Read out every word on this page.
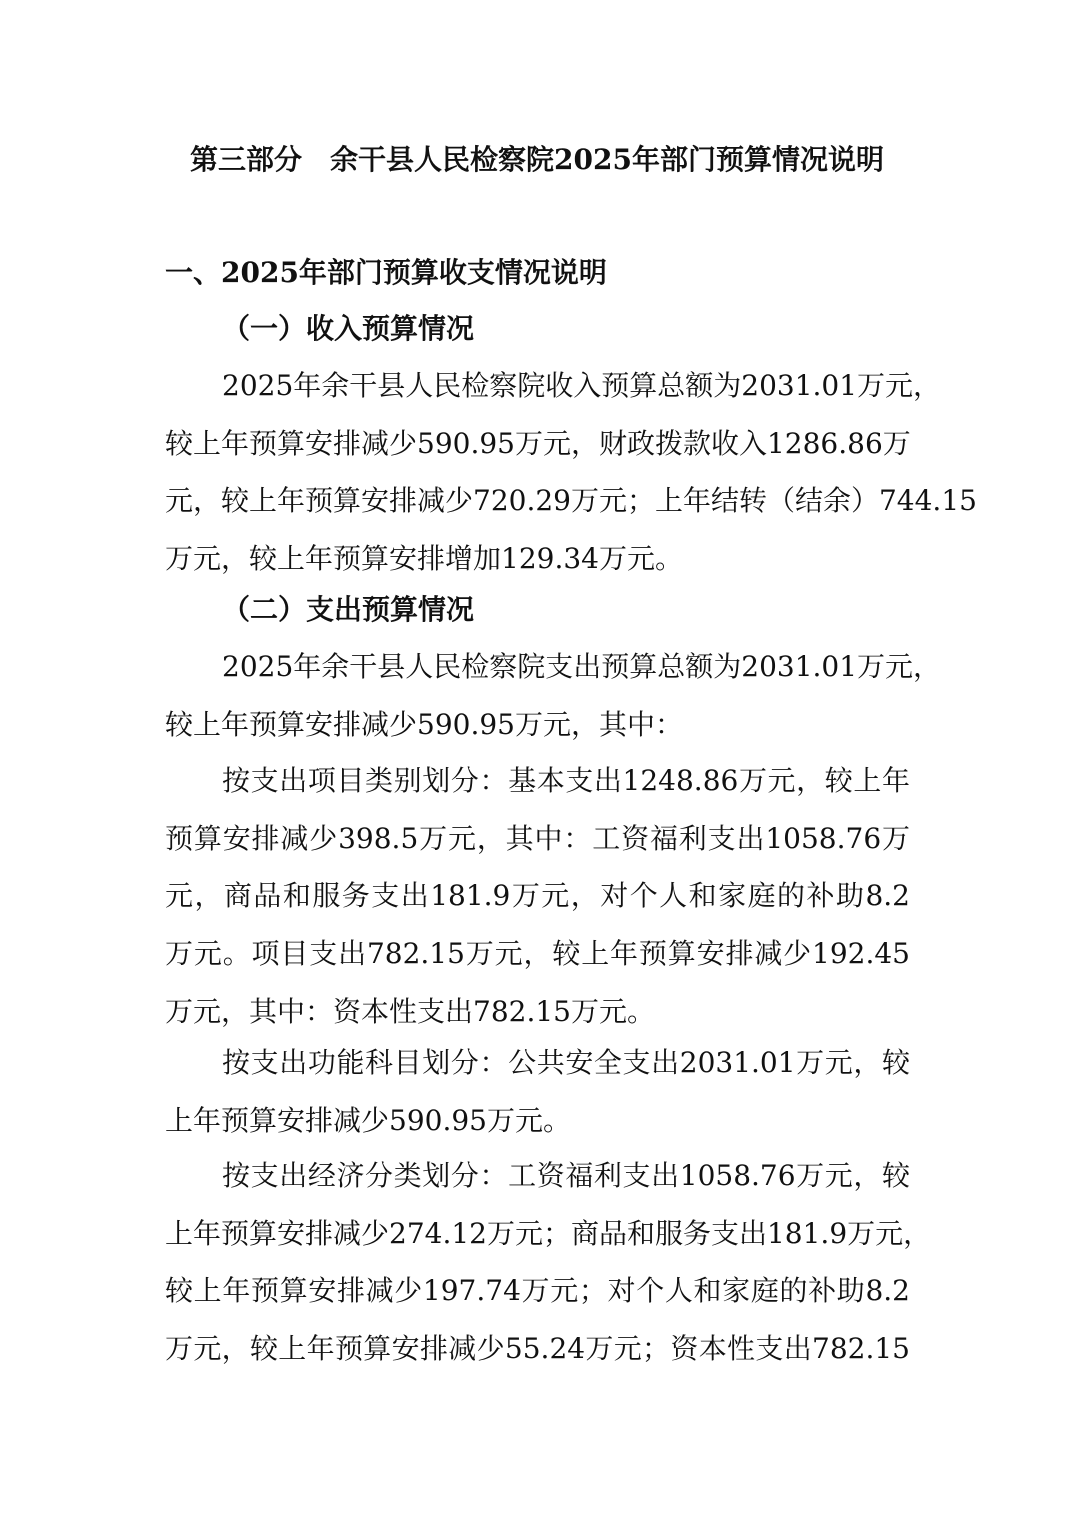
第三部分　余干县人民检察院2025年部门预算情况说明
一、2025年部门预算收支情况说明
（一）收入预算情况
2025年余干县人民检察院收入预算总额为2031.01万元，
较上年预算安排减少590.95万元，财政拨款收入1286.86万
元，较上年预算安排减少720.29万元；上年结转（结余）744.15
万元，较上年预算安排增加129.34万元。
（二）支出预算情况
2025年余干县人民检察院支出预算总额为2031.01万元，
较上年预算安排减少590.95万元，其中：
按支出项目类别划分：基本支出1248.86万元，较上年
预算安排减少398.5万元，其中：工资福利支出1058.76万
元，商品和服务支出181.9万元，对个人和家庭的补助8.2
万元。项目支出782.15万元，较上年预算安排减少192.45
万元，其中：资本性支出782.15万元。
按支出功能科目划分：公共安全支出2031.01万元，较
上年预算安排减少590.95万元。
按支出经济分类划分：工资福利支出1058.76万元，较
上年预算安排减少274.12万元；商品和服务支出181.9万元，
较上年预算安排减少197.74万元；对个人和家庭的补助8.2
万元，较上年预算安排减少55.24万元；资本性支出782.15
